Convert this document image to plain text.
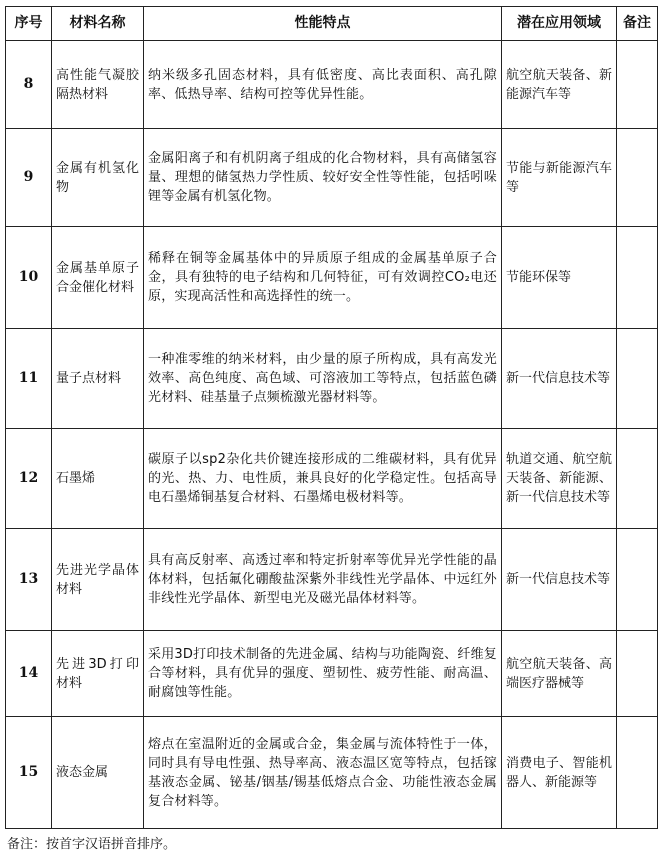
序号	材料名称	性能特点	潜在应用领域	备注
8	高性能气凝胶隔热材料	纳米级多孔固态材料，具有低密度、高比表面积、高孔隙率、低热导率、结构可控等优异性能。	航空航天装备、新能源汽车等	
9	金属有机氢化物	金属阳离子和有机阴离子组成的化合物材料，具有高储氢容量、理想的储氢热力学性质、较好安全性等性能，包括吲哚锂等金属有机氢化物。	节能与新能源汽车等	
10	金属基单原子合金催化材料	稀释在铜等金属基体中的异质原子组成的金属基单原子合金，具有独特的电子结构和几何特征，可有效调控CO₂电还原，实现高活性和高选择性的统一。	节能环保等	
11	量子点材料	一种准零维的纳米材料，由少量的原子所构成，具有高发光效率、高色纯度、高色域、可溶液加工等特点，包括蓝色磷光材料、硅基量子点频梳激光器材料等。	新一代信息技术等	
12	石墨烯	碳原子以sp2杂化共价键连接形成的二维碳材料，具有优异的光、热、力、电性质，兼具良好的化学稳定性。包括高导电石墨烯铜基复合材料、石墨烯电极材料等。	轨道交通、航空航天装备、新能源、新一代信息技术等	
13	先进光学晶体材料	具有高反射率、高透过率和特定折射率等优异光学性能的晶体材料，包括氟化硼酸盐深紫外非线性光学晶体、中远红外非线性光学晶体、新型电光及磁光晶体材料等。	新一代信息技术等	
14	先进3D打印材料	采用3D打印技术制备的先进金属、结构与功能陶瓷、纤维复合等材料，具有优异的强度、塑韧性、疲劳性能、耐高温、耐腐蚀等性能。	航空航天装备、高端医疗器械等	
15	液态金属	熔点在室温附近的金属或合金，集金属与流体特性于一体，同时具有导电性强、热导率高、液态温区宽等特点，包括镓基液态金属、铋基/铟基/锡基低熔点合金、功能性液态金属复合材料等。	消费电子、智能机器人、新能源等	
备注：按首字汉语拼音排序。
